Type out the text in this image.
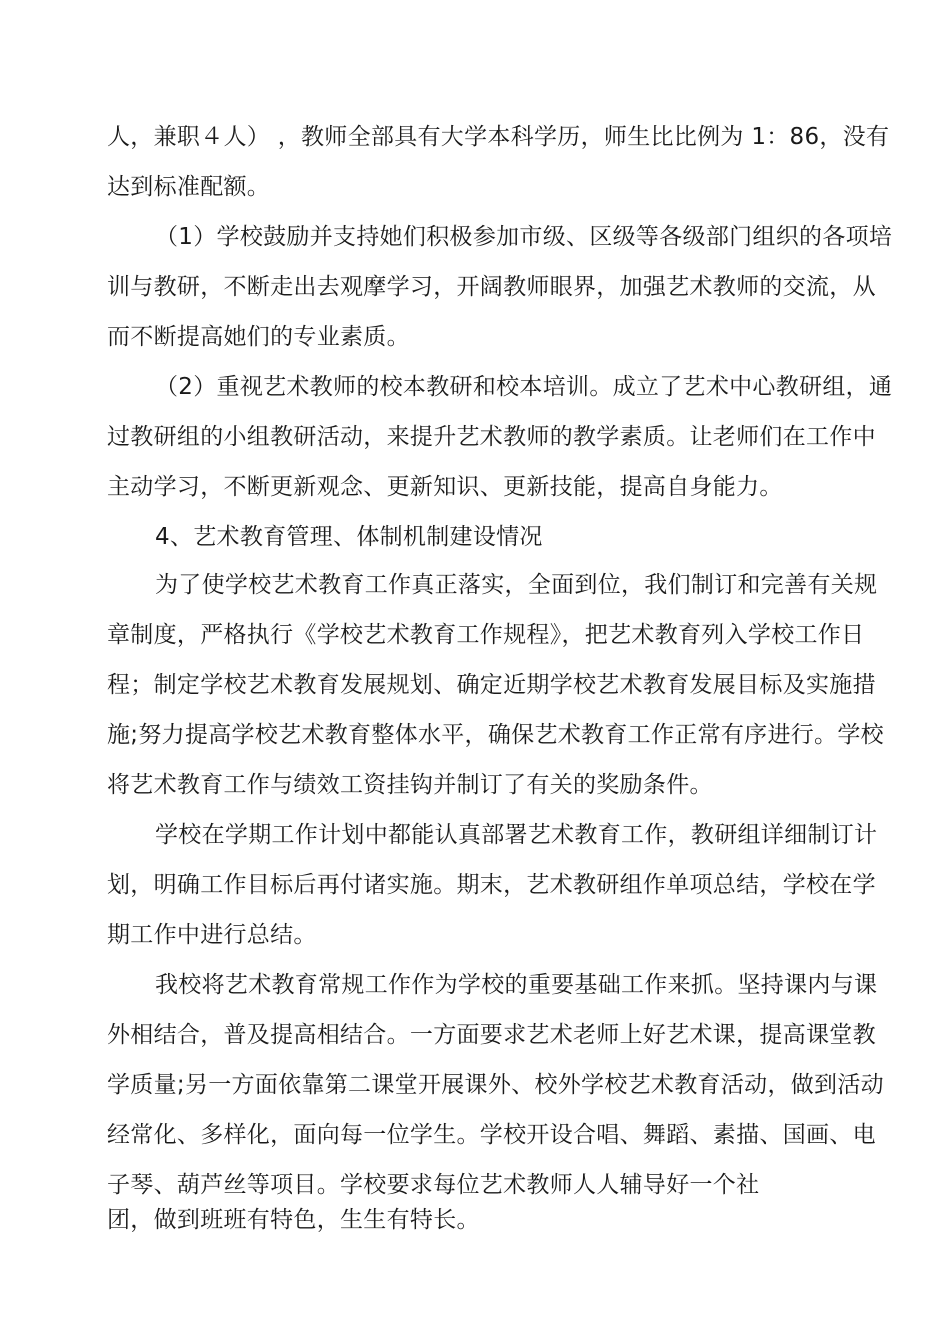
人，兼职４人） ，教师全部具有大学本科学历，师生比比例为 1：86，没有
达到标准配额。
（1）学校鼓励并支持她们积极参加市级、区级等各级部门组织的各项培
训与教研，不断走出去观摩学习，开阔教师眼界，加强艺术教师的交流，从
而不断提高她们的专业素质。
（2）重视艺术教师的校本教研和校本培训。成立了艺术中心教研组，通
过教研组的小组教研活动，来提升艺术教师的教学素质。让老师们在工作中
主动学习，不断更新观念、更新知识、更新技能，提高自身能力。
4、艺术教育管理、体制机制建设情况
为了使学校艺术教育工作真正落实，全面到位，我们制订和完善有关规
章制度，严格执行《学校艺术教育工作规程》，把艺术教育列入学校工作日
程；制定学校艺术教育发展规划、确定近期学校艺术教育发展目标及实施措
施;努力提高学校艺术教育整体水平，确保艺术教育工作正常有序进行。学校
将艺术教育工作与绩效工资挂钩并制订了有关的奖励条件。
学校在学期工作计划中都能认真部署艺术教育工作，教研组详细制订计
划，明确工作目标后再付诸实施。期末，艺术教研组作单项总结，学校在学
期工作中进行总结。
我校将艺术教育常规工作作为学校的重要基础工作来抓。坚持课内与课
外相结合，普及提高相结合。一方面要求艺术老师上好艺术课，提高课堂教
学质量;另一方面依靠第二课堂开展课外、校外学校艺术教育活动，做到活动
经常化、多样化，面向每一位学生。学校开设合唱、舞蹈、素描、国画、电
子琴、葫芦丝等项目。学校要求每位艺术教师人人辅导好一个社
团，做到班班有特色，生生有特长。
